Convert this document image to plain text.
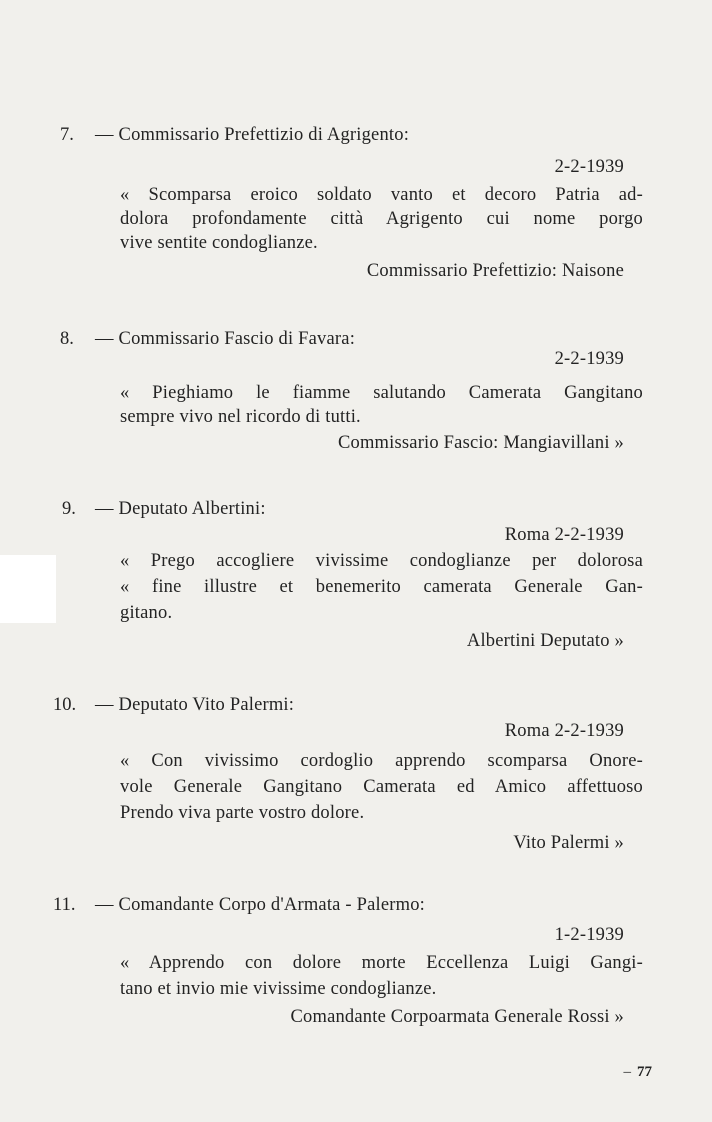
7. — Commissario Prefettizio di Agrigento:
2-2-1939
« Scomparsa eroico soldato vanto et decoro Patria ad-
dolora profondamente città Agrigento cui nome porgo
vive sentite condoglianze.
Commissario Prefettizio: Naisone
8. — Commissario Fascio di Favara:
2-2-1939
« Pieghiamo le fiamme salutando Camerata Gangitano
sempre vivo nel ricordo di tutti.
Commissario Fascio: Mangiavillani »
9. — Deputato Albertini:
Roma 2-2-1939
« Prego accogliere vivissime condoglianze per dolorosa
« fine illustre et benemerito camerata Generale Gan-
gitano.
Albertini Deputato »
10. — Deputato Vito Palermi:
Roma 2-2-1939
« Con vivissimo cordoglio apprendo scomparsa Onore-
vole Generale Gangitano Camerata ed Amico affettuoso
Prendo viva parte vostro dolore.
Vito Palermi »
11. — Comandante Corpo d'Armata - Palermo:
1-2-1939
« Apprendo con dolore morte Eccellenza Luigi Gangi-
tano et invio mie vivissime condoglianze.
Comandante Corpoarmata Generale Rossi »
– 77
